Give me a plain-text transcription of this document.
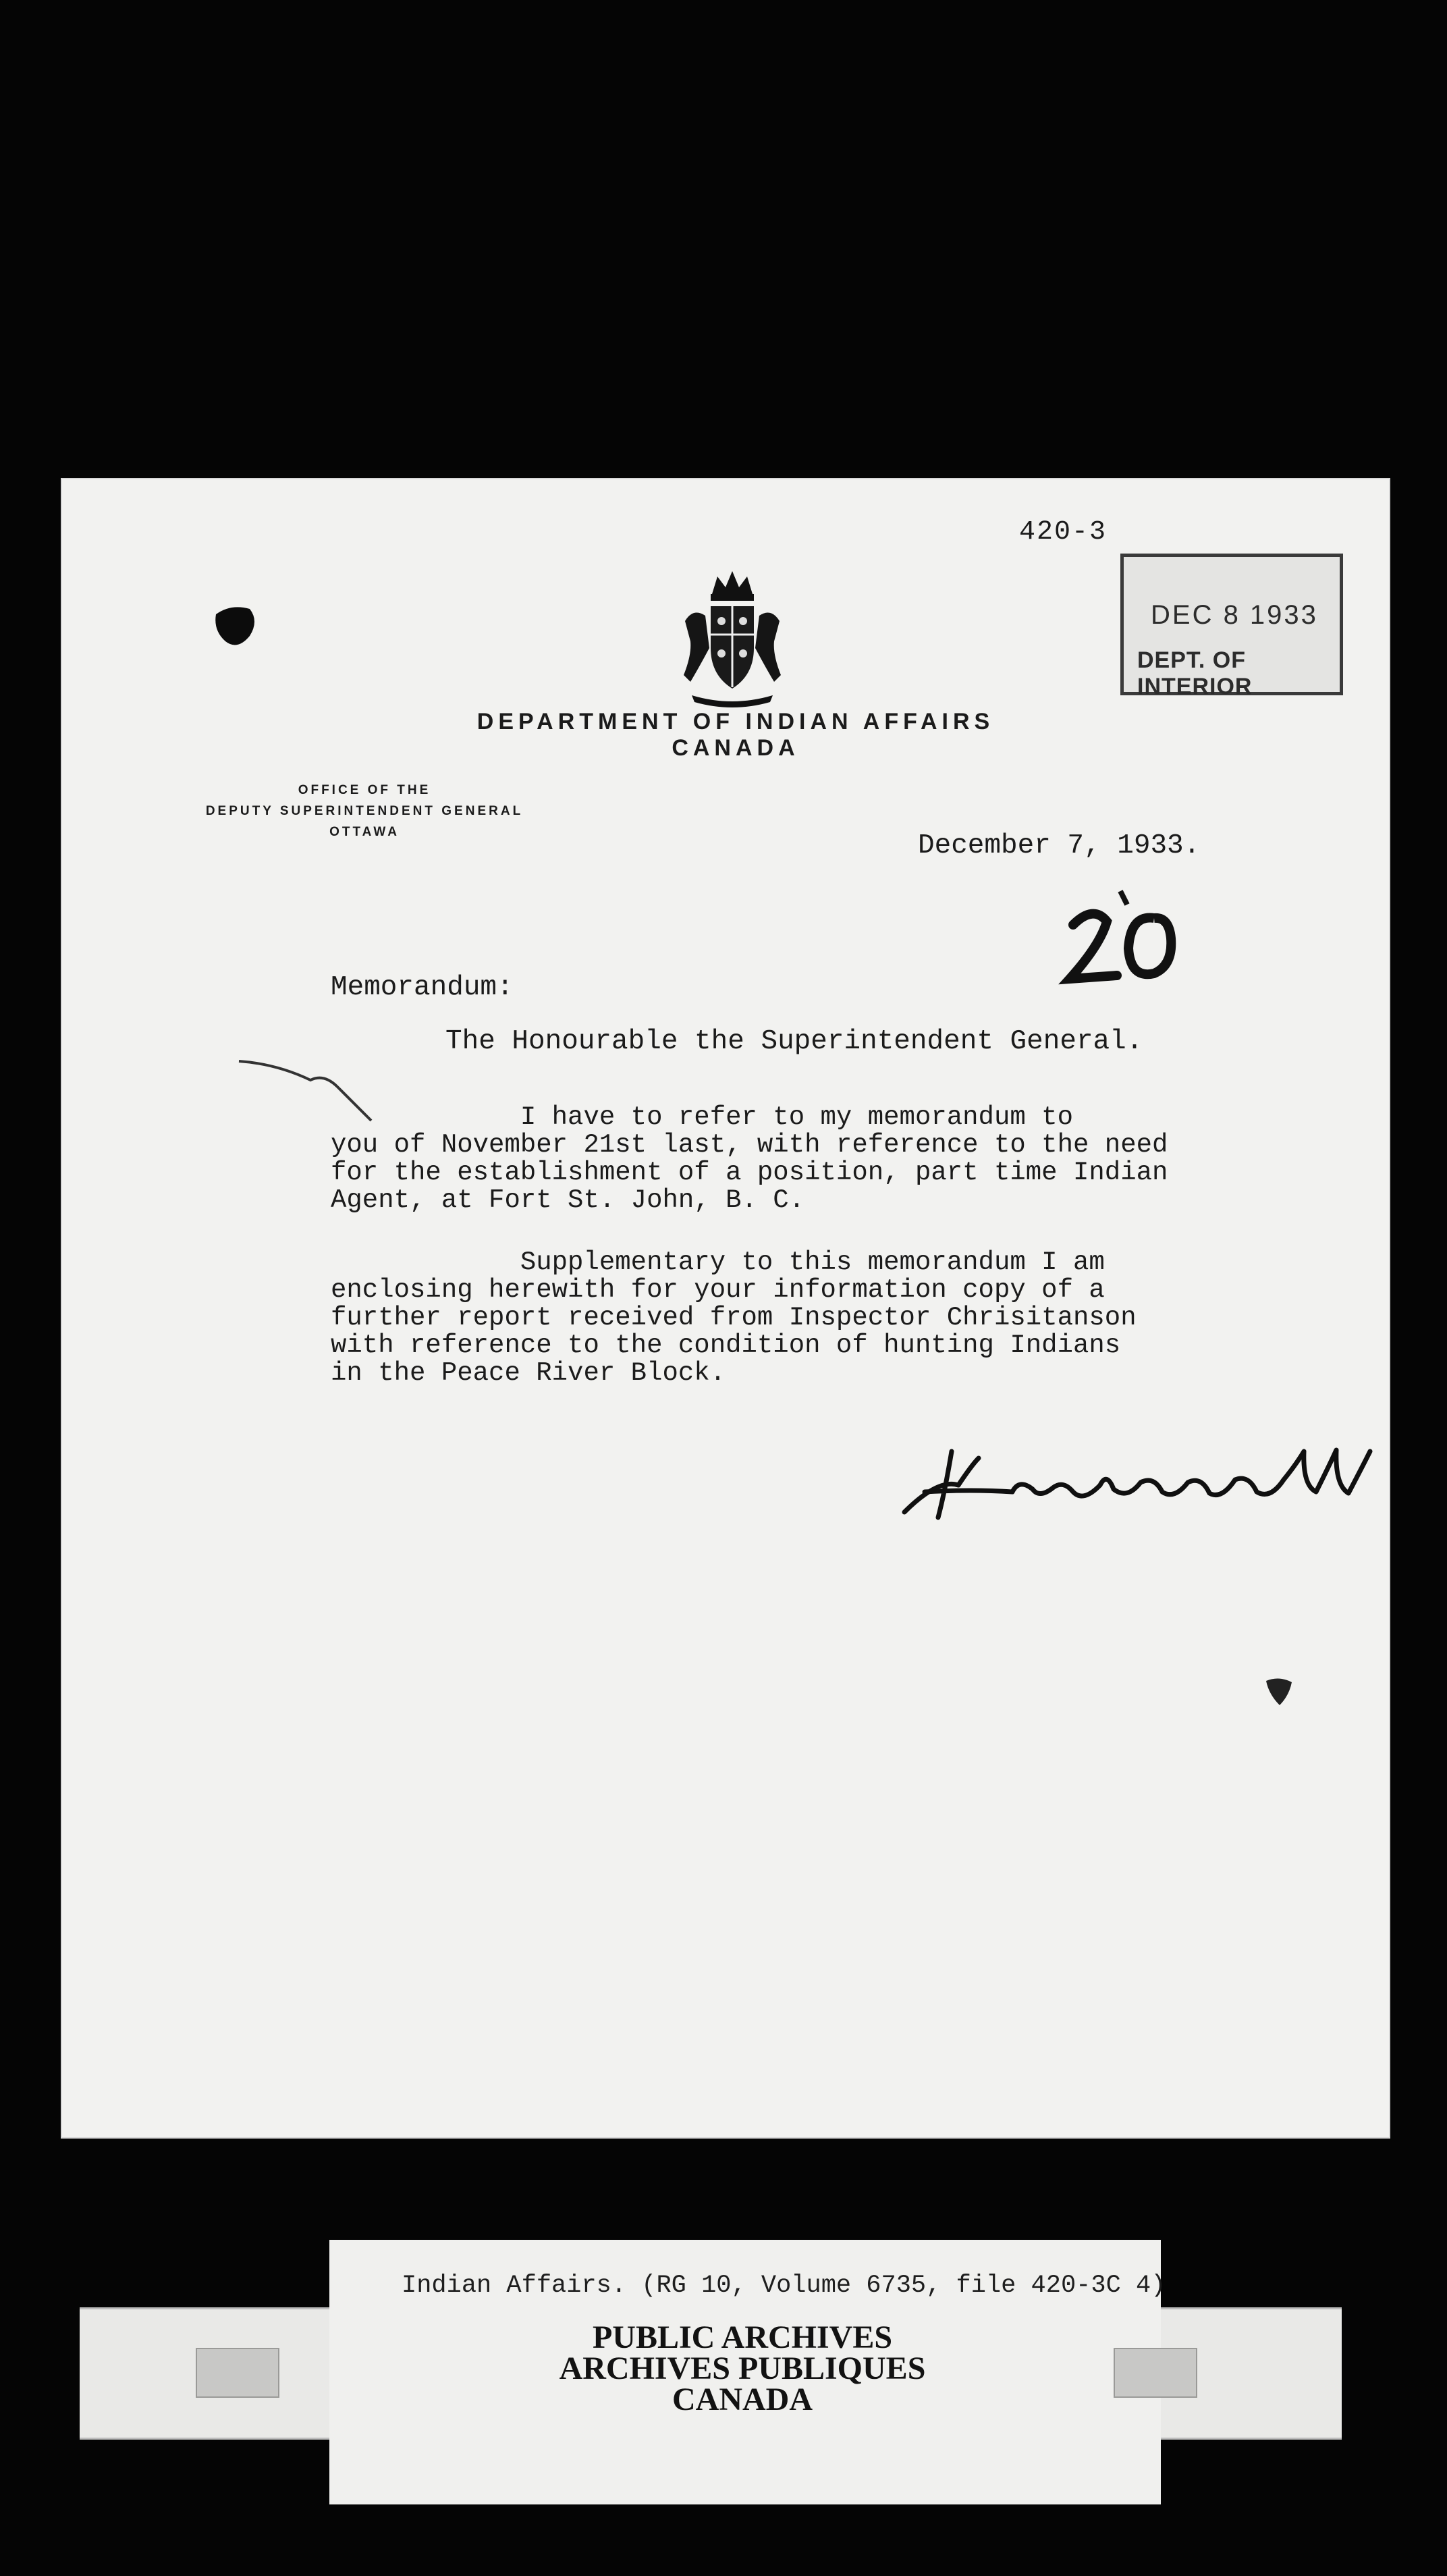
420-3
DEC 8 1933
DEPT. OF INTERIOR
DEPARTMENT OF INDIAN AFFAIRS
CANADA
OFFICE OF THE
DEPUTY SUPERINTENDENT GENERAL
OTTAWA	December 7, 1933.
Memorandum:
The Honourable the Superintendent General.
I have to refer to my memorandum to
you of November 21st last, with reference to the need
for the establishment of a position, part time Indian
Agent, at Fort St. John, B. C.
Supplementary to this memorandum I am
enclosing herewith for your information copy of a
further report received from Inspector Chrisitanson
with reference to the condition of hunting Indians
in the Peace River Block.
Indian Affairs. (RG 10, Volume 6735, file 420-3C 4)
PUBLIC ARCHIVES
ARCHIVES PUBLIQUES
CANADA
